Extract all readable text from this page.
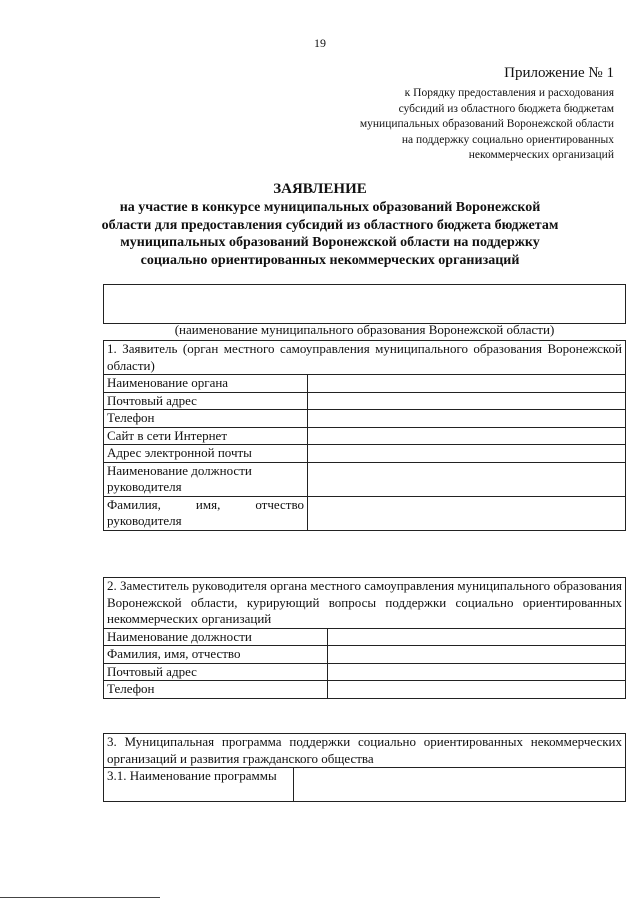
19
Приложение № 1
к Порядку предоставления и расходования
субсидий из областного бюджета бюджетам
муниципальных образований Воронежской области
на поддержку социально ориентированных
некоммерческих организаций
ЗАЯВЛЕНИЕ
на участие в конкурсе муниципальных образований Воронежской
области для предоставления субсидий из областного бюджета бюджетам
муниципальных образований Воронежской области на поддержку
социально ориентированных некоммерческих организаций
(наименование муниципального образования Воронежской области)
1. Заявитель (орган местного самоуправления муниципального образования Воронежской области)	
Наименование органа	
Почтовый адрес	
Телефон	
Сайт в сети Интернет	
Адрес электронной почты	
Наименование должности руководителя	
Фамилия, имя, отчество руководителя	
2. Заместитель руководителя органа местного самоуправления муниципального образования Воронежской области, курирующий вопросы поддержки социально ориентированных некоммерческих организаций	
Наименование должности	
Фамилия, имя, отчество	
Почтовый адрес	
Телефон	
3. Муниципальная программа поддержки социально ориентированных некоммерческих организаций и развития гражданского общества
3.1. Наименование программы	
